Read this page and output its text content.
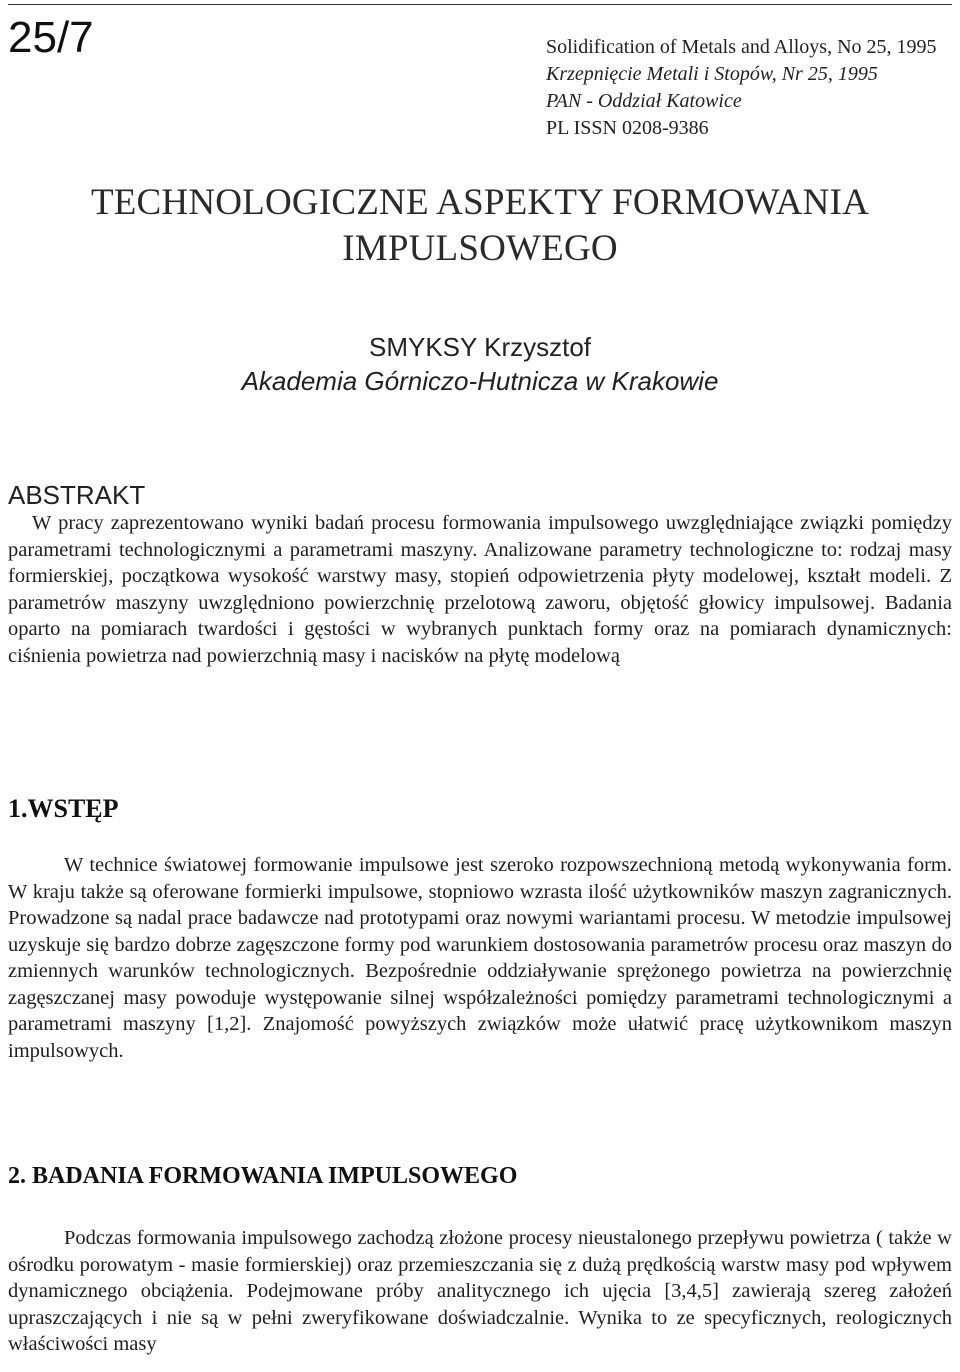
25/7	Solidification of Metals and Alloys, No 25, 1995
Krzepnięcie Metali i Stopów, Nr 25, 1995
PAN - Oddział Katowice
PL ISSN 0208-9386
TECHNOLOGICZNE ASPEKTY FORMOWANIA
IMPULSOWEGO
SMYKSY Krzysztof
Akademia Górniczo-Hutnicza w Krakowie
ABSTRAKT

W pracy zaprezentowano wyniki badań procesu formowania impulsowego uwzględniające związki pomiędzy parametrami technologicznymi a parametrami maszyny. Analizowane parametry technologiczne to: rodzaj masy formierskiej, początkowa wysokość warstwy masy, stopień odpowietrzenia płyty modelowej, kształt modeli. Z parametrów maszyny uwzględniono powierzchnię przelotową zaworu, objętość głowicy impulsowej. Badania oparto na pomiarach twardości i gęstości w wybranych punktach formy oraz na pomiarach dynamicznych: ciśnienia powietrza nad powierzchnią masy i nacisków na płytę modelową

1.WSTĘP

W technice światowej formowanie impulsowe jest szeroko rozpowszechnioną metodą wykonywania form. W kraju także są oferowane formierki impulsowe, stopniowo wzrasta ilość użytkowników maszyn zagranicznych. Prowadzone są nadal prace badawcze nad prototypami oraz nowymi wariantami procesu. W metodzie impulsowej uzyskuje się bardzo dobrze zagęszczone formy pod warunkiem dostosowania parametrów procesu oraz maszyn do zmiennych warunków technologicznych. Bezpośrednie oddziaływanie sprężonego powietrza na powierzchnię zagęszczanej masy powoduje występowanie silnej współzależności pomiędzy parametrami technologicznymi a parametrami maszyny [1,2]. Znajomość powyższych związków może ułatwić pracę użytkownikom maszyn impulsowych.

2. BADANIA FORMOWANIA IMPULSOWEGO

Podczas formowania impulsowego zachodzą złożone procesy nieustalonego przepływu powietrza ( także w ośrodku porowatym - masie formierskiej) oraz przemieszczania się z dużą prędkością warstw masy pod wpływem dynamicznego obciążenia. Podejmowane próby analitycznego ich ujęcia [3,4,5] zawierają szereg założeń upraszczających i nie są w pełni zweryfikowane doświadczalnie. Wynika to ze specyficznych, reologicznych właściwości masy
